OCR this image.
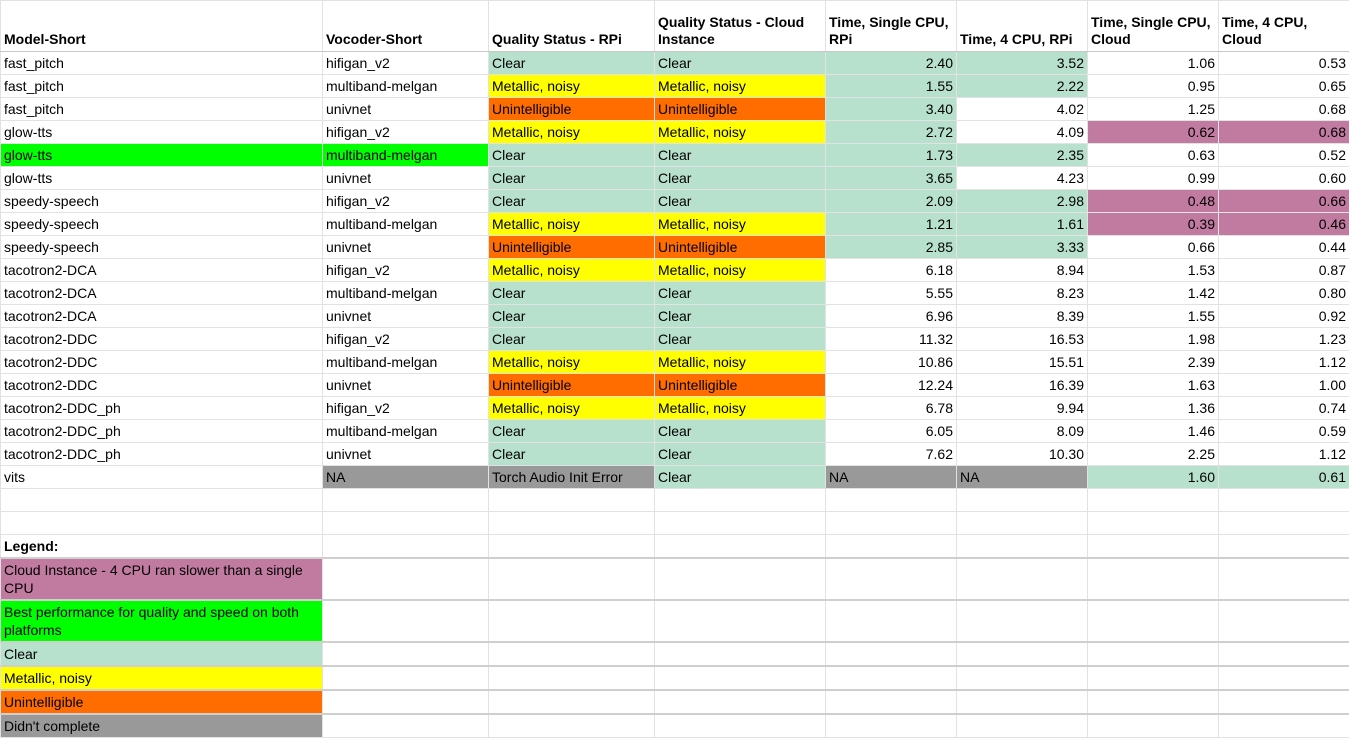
Model-Short	Vocoder-Short	Quality Status - RPi	Quality Status - Cloud Instance	Time, Single CPU, RPi	Time, 4 CPU, RPi	Time, Single CPU, Cloud	Time, 4 CPU, Cloud
fast_pitch	hifigan_v2	Clear	Clear	2.40	3.52	1.06	0.53
fast_pitch	multiband-melgan	Metallic, noisy	Metallic, noisy	1.55	2.22	0.95	0.65
fast_pitch	univnet	Unintelligible	Unintelligible	3.40	4.02	1.25	0.68
glow-tts	hifigan_v2	Metallic, noisy	Metallic, noisy	2.72	4.09	0.62	0.68
glow-tts	multiband-melgan	Clear	Clear	1.73	2.35	0.63	0.52
glow-tts	univnet	Clear	Clear	3.65	4.23	0.99	0.60
speedy-speech	hifigan_v2	Clear	Clear	2.09	2.98	0.48	0.66
speedy-speech	multiband-melgan	Metallic, noisy	Metallic, noisy	1.21	1.61	0.39	0.46
speedy-speech	univnet	Unintelligible	Unintelligible	2.85	3.33	0.66	0.44
tacotron2-DCA	hifigan_v2	Metallic, noisy	Metallic, noisy	6.18	8.94	1.53	0.87
tacotron2-DCA	multiband-melgan	Clear	Clear	5.55	8.23	1.42	0.80
tacotron2-DCA	univnet	Clear	Clear	6.96	8.39	1.55	0.92
tacotron2-DDC	hifigan_v2	Clear	Clear	11.32	16.53	1.98	1.23
tacotron2-DDC	multiband-melgan	Metallic, noisy	Metallic, noisy	10.86	15.51	2.39	1.12
tacotron2-DDC	univnet	Unintelligible	Unintelligible	12.24	16.39	1.63	1.00
tacotron2-DDC_ph	hifigan_v2	Metallic, noisy	Metallic, noisy	6.78	9.94	1.36	0.74
tacotron2-DDC_ph	multiband-melgan	Clear	Clear	6.05	8.09	1.46	0.59
tacotron2-DDC_ph	univnet	Clear	Clear	7.62	10.30	2.25	1.12
vits	NA	Torch Audio Init Error	Clear	NA	NA	1.60	0.61

Legend:							
Cloud Instance - 4 CPU ran slower than a single CPU							
Best performance for quality and speed on both platforms							
Clear							
Metallic, noisy							
Unintelligible							
Didn't complete							
